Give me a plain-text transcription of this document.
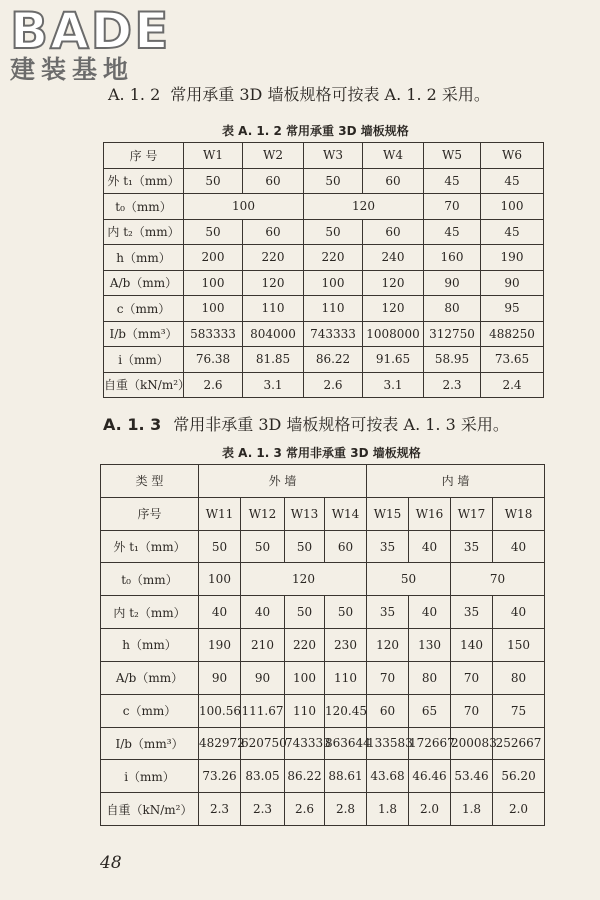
BADE
建装基地
A. 1. 2 常用承重 3D 墙板规格可按表 A. 1. 2 采用。
表 A. 1. 2 常用承重 3D 墙板规格
序 号	W1	W2	W3	W4	W5	W6
外 t₁（mm）	50	60	50	60	45	45
t₀（mm）	100		120		70	100
内 t₂（mm）	50	60	50	60	45	45
h（mm）	200	220	220	240	160	190
A/b（mm）	100	120	100	120	90	90
c（mm）	100	110	110	120	80	95
I/b（mm³）	583333	804000	743333	1008000	312750	488250
i（mm）	76.38	81.85	86.22	91.65	58.95	73.65
自重（kN/m²）	2.6	3.1	2.6	3.1	2.3	2.4
A. 1. 3 常用非承重 3D 墙板规格可按表 A. 1. 3 采用。
表 A. 1. 3 常用非承重 3D 墙板规格
类 型	外 墙				内 墙			
序号	W11	W12	W13	W14	W15	W16	W17	W18
外 t₁（mm）	50	50	50	60	35	40	35	40
t₀（mm）	100	120			50		70	
内 t₂（mm）	40	40	50	50	35	40	35	40
h（mm）	190	210	220	230	120	130	140	150
A/b（mm）	90	90	100	110	70	80	70	80
c（mm）	100.56	111.67	110	120.45	60	65	70	75
I/b（mm³）	482972	620750	743333	863644	133583	172667	200083	252667
i（mm）	73.26	83.05	86.22	88.61	43.68	46.46	53.46	56.20
自重（kN/m²）	2.3	2.3	2.6	2.8	1.8	2.0	1.8	2.0
48
